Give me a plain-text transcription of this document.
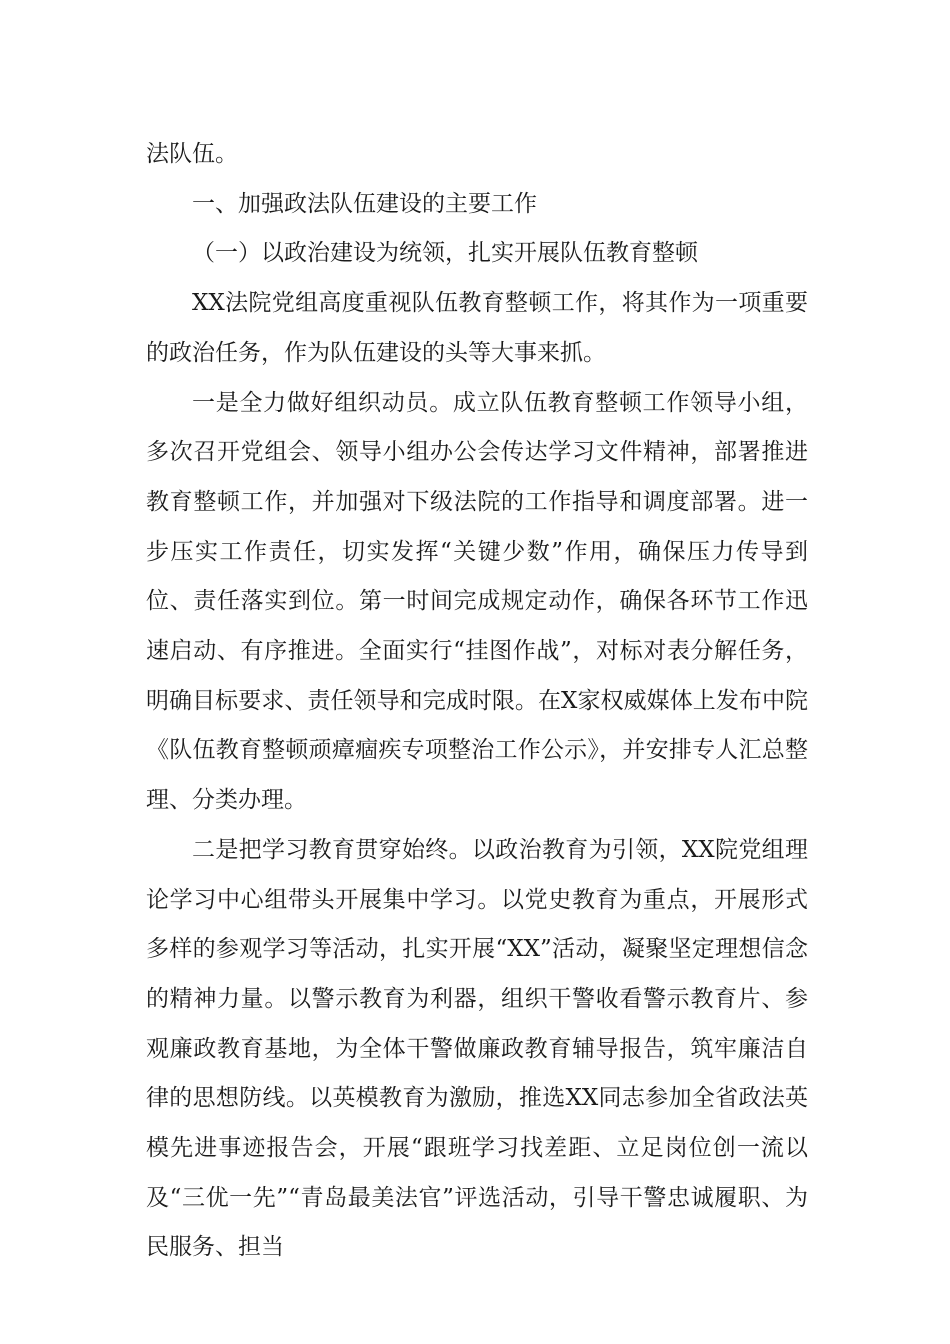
法队伍。

一、加强政法队伍建设的主要工作

（一）以政治建设为统领，扎实开展队伍教育整顿

XX法院党组高度重视队伍教育整顿工作，将其作为一项重要的政治任务，作为队伍建设的头等大事来抓。

一是全力做好组织动员。成立队伍教育整顿工作领导小组，多次召开党组会、领导小组办公会传达学习文件精神，部署推进教育整顿工作，并加强对下级法院的工作指导和调度部署。进一步压实工作责任，切实发挥“关键少数”作用，确保压力传导到位、责任落实到位。第一时间完成规定动作，确保各环节工作迅速启动、有序推进。全面实行“挂图作战”，对标对表分解任务，明确目标要求、责任领导和完成时限。在X家权威媒体上发布中院《队伍教育整顿顽瘴痼疾专项整治工作公示》，并安排专人汇总整理、分类办理。

二是把学习教育贯穿始终。以政治教育为引领，XX院党组理论学习中心组带头开展集中学习。以党史教育为重点，开展形式多样的参观学习等活动，扎实开展“XX”活动，凝聚坚定理想信念的精神力量。以警示教育为利器，组织干警收看警示教育片、参观廉政教育基地，为全体干警做廉政教育辅导报告，筑牢廉洁自律的思想防线。以英模教育为激励，推选XX同志参加全省政法英模先进事迹报告会，开展“跟班学习找差距、立足岗位创一流以及“三优一先”“青岛最美法官”评选活动，引导干警忠诚履职、为民服务、担当
